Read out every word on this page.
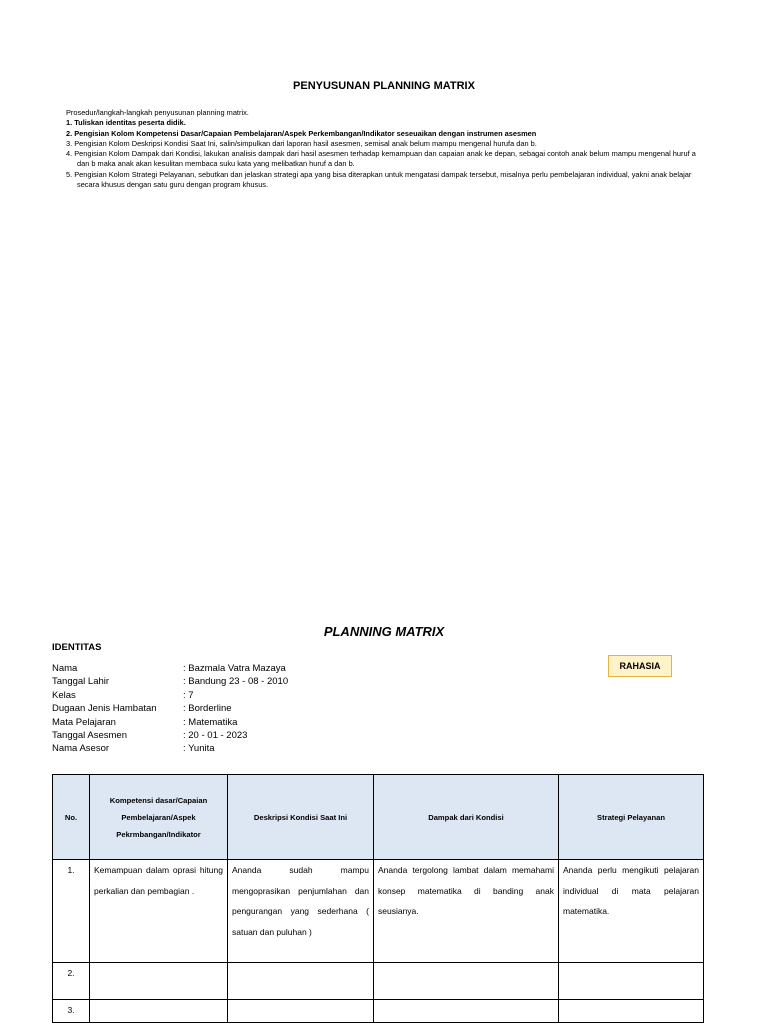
PENYUSUNAN PLANNING MATRIX

Prosedur/langkah-langkah penyusunan planning matrix.

1. Tuliskan identitas peserta didik.
2. Pengisian Kolom Kompetensi Dasar/Capaian Pembelajaran/Aspek Perkembangan/Indikator seseuaikan dengan instrumen asesmen
3. Pengisian Kolom Deskripsi Kondisi Saat Ini, salin/simpulkan dari laporan hasil asesmen, semisal anak belum mampu mengenal hurufa dan b.
4. Pengisian Kolom Dampak dari Kondisi, lakukan analisis dampak dari hasil asesmen terhadap kemampuan dan capaian anak ke depan, sebagai contoh anak belum mampu mengenal huruf a dan b maka anak akan kesulitan membaca suku kata yang melibatkan huruf a dan b.
5. Pengisian Kolom Strategi Pelayanan, sebutkan dan jelaskan strategi apa yang bisa diterapkan untuk mengatasi dampak tersebut, misalnya perlu pembelajaran individual, yakni anak belajar secara khusus dengan satu guru dengan program khusus.
PLANNING MATRIX
IDENTITAS
RAHASIA
Nama	: Bazmala Vatra Mazaya
Tanggal Lahir	: Bandung 23 - 08 - 2010
Kelas	: 7
Dugaan Jenis Hambatan	: Borderline
Mata Pelajaran	: Matematika
Tanggal Asesmen	: 20 - 01 - 2023
Nama Asesor	: Yunita
No.	Kompetensi dasar/Capaian Pembelajaran/Aspek Pekrmbangan/Indikator	Deskripsi Kondisi Saat Ini	Dampak dari Kondisi	Strategi Pelayanan
1.	Kemampuan dalam oprasi hitung perkalian dan pembagian .	Ananda sudah mampu mengoprasikan penjumlahan dan pengurangan yang sederhana ( satuan dan puluhan )	Ananda tergolong lambat dalam memahami konsep matematika di banding anak seusianya.	Ananda perlu mengikuti pelajaran individual di mata pelajaran matematika.
2.				
3.				
